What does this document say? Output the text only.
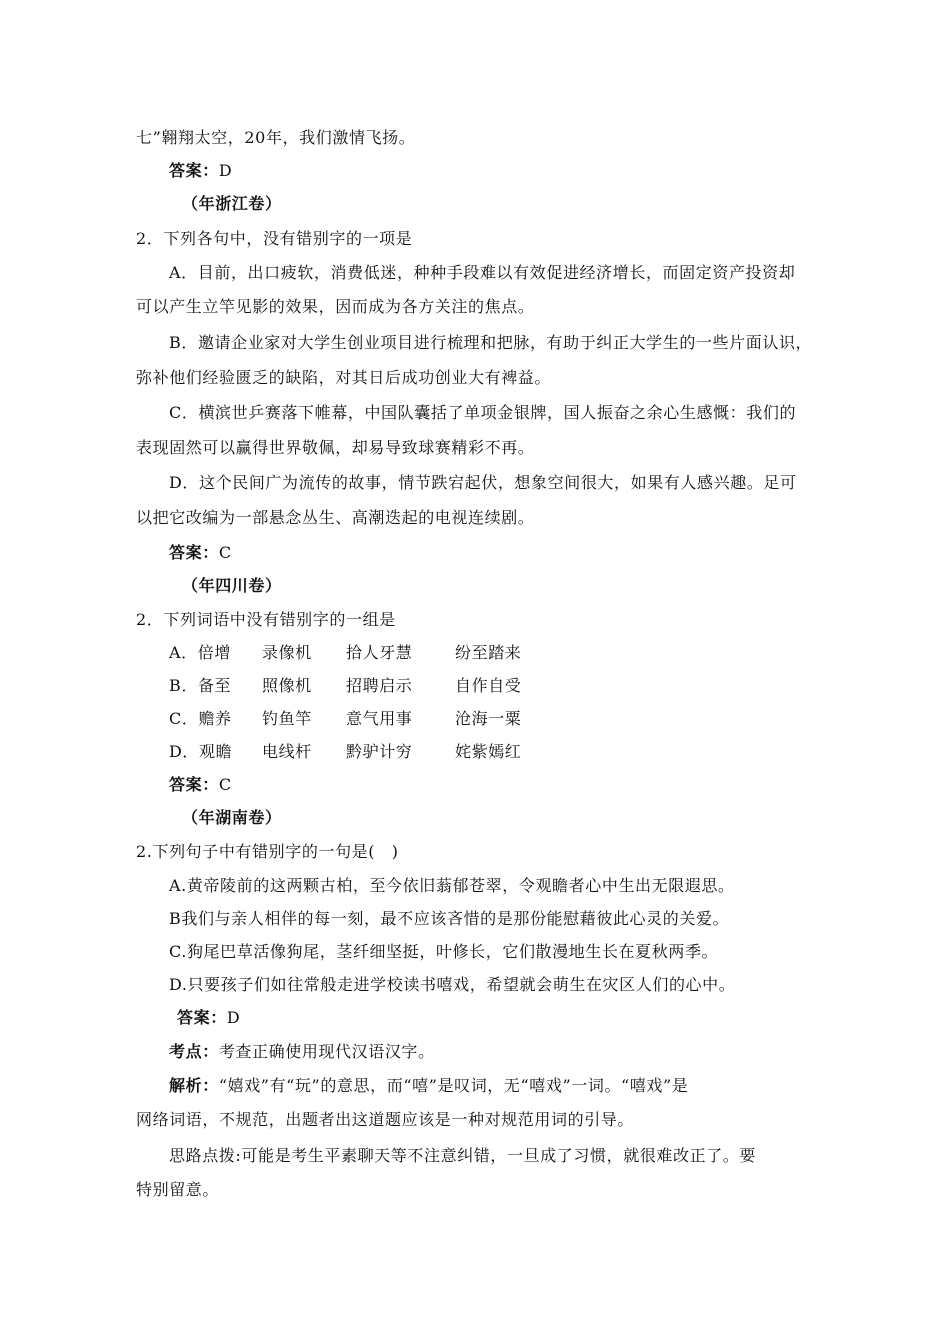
七”翱翔太空，20年，我们激情飞扬。
答案：D
（年浙江卷）
2．下列各句中，没有错别字的一项是
A．目前，出口疲软，消费低迷，种种手段难以有效促进经济增长，而固定资产投资却
可以产生立竿见影的效果，因而成为各方关注的焦点。
B．邀请企业家对大学生创业项目进行梳理和把脉，有助于纠正大学生的一些片面认识，
弥补他们经验匮乏的缺陷，对其日后成功创业大有裨益。
C．横滨世乒赛落下帷幕，中国队囊括了单项金银牌，国人振奋之余心生感慨：我们的
表现固然可以赢得世界敬佩，却易导致球赛精彩不再。
D．这个民间广为流传的故事，情节跌宕起伏，想象空间很大，如果有人感兴趣。足可
以把它改编为一部悬念丛生、高潮迭起的电视连续剧。
答案：C
（年四川卷）
2．下列词语中没有错别字的一组是
A．倍增 录像机 拾人牙慧	纷至踏来
B．备至 照像机 招聘启示	自作自受
C．赡养 钓鱼竿 意气用事	沧海一粟
D．观瞻 电线杆 黔驴计穷	姹紫嫣红
答案：C
（年湖南卷）
2.下列句子中有错别字的一句是(　)
A.黄帝陵前的这两颗古柏，至今依旧蓊郁苍翠，令观瞻者心中生出无限遐思。
B我们与亲人相伴的每一刻，最不应该吝惜的是那份能慰藉彼此心灵的关爱。
C.狗尾巴草活像狗尾，茎纤细坚挺，叶修长，它们散漫地生长在夏秋两季。
D.只要孩子们如往常般走进学校读书嘻戏，希望就会萌生在灾区人们的心中。
答案：D
考点：考查正确使用现代汉语汉字。
解析：“嬉戏”有“玩”的意思，而“嘻”是叹词，无“嘻戏”一词。“嘻戏”是
网络词语，不规范，出题者出这道题应该是一种对规范用词的引导。
思路点拨:可能是考生平素聊天等不注意纠错，一旦成了习惯，就很难改正了。要
特别留意。
